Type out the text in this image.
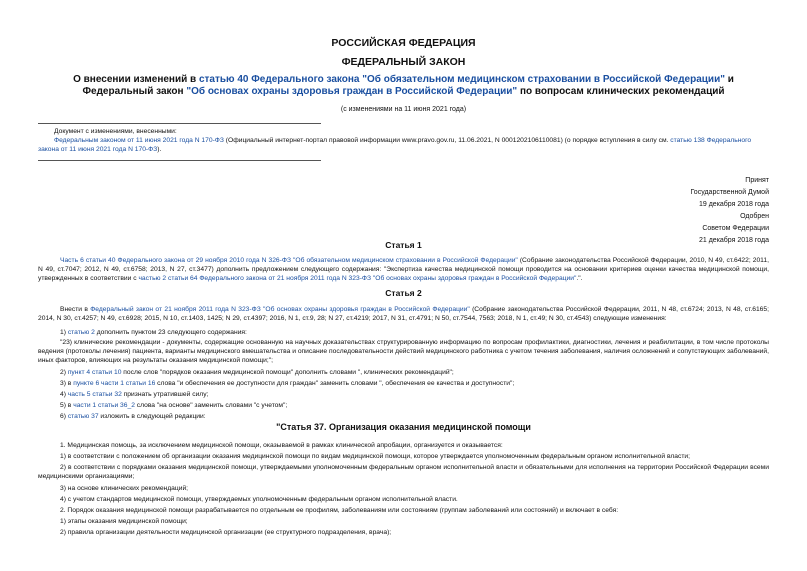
РОССИЙСКАЯ ФЕДЕРАЦИЯ
ФЕДЕРАЛЬНЫЙ ЗАКОН
О внесении изменений в статью 40 Федерального закона "Об обязательном медицинском страховании в Российской Федерации" и Федеральный закон "Об основах охраны здоровья граждан в Российской Федерации" по вопросам клинических рекомендаций
(с изменениями на 11 июня 2021 года)
Документ с изменениями, внесенными:
Федеральным законом от 11 июня 2021 года N 170-ФЗ (Официальный интернет-портал правовой информации www.pravo.gov.ru, 11.06.2021, N 0001202106110081) (о порядке вступления в силу см. статью 138 Федерального закона от 11 июня 2021 года N 170-ФЗ).
Принят
Государственной Думой
19 декабря 2018 года
Одобрен
Советом Федерации
21 декабря 2018 года
Статья 1
Часть 6 статьи 40 Федерального закона от 29 ноября 2010 года N 326-ФЗ "Об обязательном медицинском страховании в Российской Федерации" (Собрание законодательства Российской Федерации, 2010, N 49, ст.6422; 2011, N 49, ст.7047; 2012, N 49, ст.6758; 2013, N 27, ст.3477) дополнить предложением следующего содержания: "Экспертиза качества медицинской помощи проводится на основании критериев оценки качества медицинской помощи, утвержденных в соответствии с частью 2 статьи 64 Федерального закона от 21 ноября 2011 года N 323-ФЗ "Об основах охраны здоровья граждан в Российской Федерации".".
Статья 2
Внести в Федеральный закон от 21 ноября 2011 года N 323-ФЗ "Об основах охраны здоровья граждан в Российской Федерации" (Собрание законодательства Российской Федерации, 2011, N 48, ст.6724; 2013, N 48, ст.6165; 2014, N 30, ст.4257; N 49, ст.6928; 2015, N 10, ст.1403, 1425; N 29, ст.4397; 2016, N 1, ст.9, 28; N 27, ст.4219; 2017, N 31, ст.4791; N 50, ст.7544, 7563; 2018, N 1, ст.49; N 30, ст.4543) следующие изменения:
1) статью 2 дополнить пунктом 23 следующего содержания:
"23) клинические рекомендации - документы, содержащие основанную на научных доказательствах структурированную информацию по вопросам профилактики, диагностики, лечения и реабилитации, в том числе протоколы ведения (протоколы лечения) пациента, варианты медицинского вмешательства и описание последовательности действий медицинского работника с учетом течения заболевания, наличия осложнений и сопутствующих заболеваний, иных факторов, влияющих на результаты оказания медицинской помощи;";
2) пункт 4 статьи 10 после слов "порядков оказания медицинской помощи" дополнить словами ", клинических рекомендаций";
3) в пункте 6 части 1 статьи 16 слова "и обеспечения ее доступности для граждан" заменить словами ", обеспечения ее качества и доступности";
4) часть 5 статьи 32 признать утратившей силу;
5) в части 1 статьи 36_2 слова "на основе" заменить словами "с учетом";
6) статью 37 изложить в следующей редакции:
"Статья 37. Организация оказания медицинской помощи
1. Медицинская помощь, за исключением медицинской помощи, оказываемой в рамках клинической апробации, организуется и оказывается:
1) в соответствии с положением об организации оказания медицинской помощи по видам медицинской помощи, которое утверждается уполномоченным федеральным органом исполнительной власти;
2) в соответствии с порядками оказания медицинской помощи, утверждаемыми уполномоченным федеральным органом исполнительной власти и обязательными для исполнения на территории Российской Федерации всеми медицинскими организациями;
3) на основе клинических рекомендаций;
4) с учетом стандартов медицинской помощи, утверждаемых уполномоченным федеральным органом исполнительной власти.
2. Порядок оказания медицинской помощи разрабатывается по отдельным ее профилям, заболеваниям или состояниям (группам заболеваний или состояний) и включает в себя:
1) этапы оказания медицинской помощи;
2) правила организации деятельности медицинской организации (ее структурного подразделения, врача);
